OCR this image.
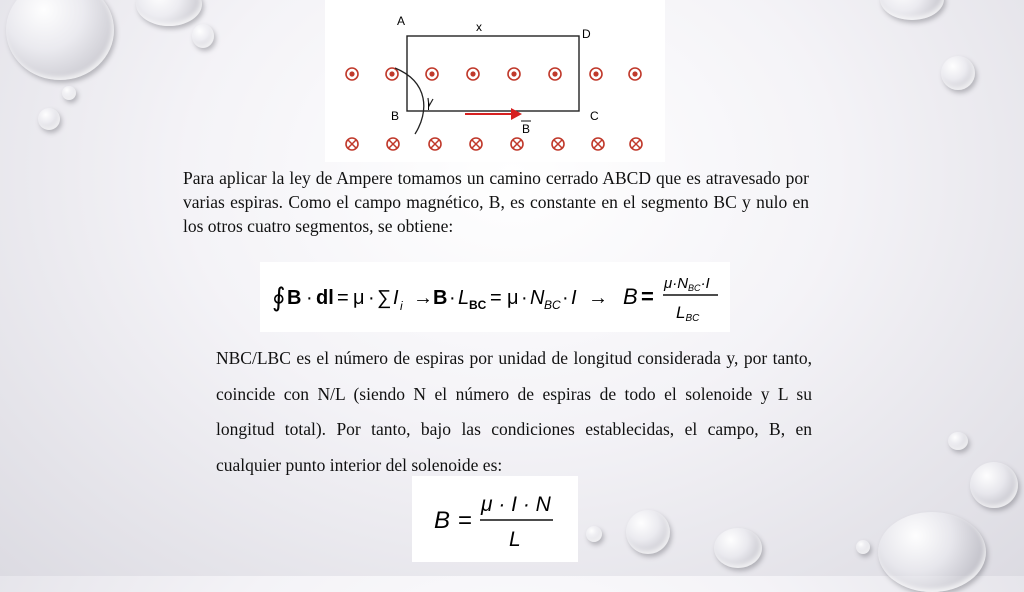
A	x	D
B
I
B
C

Para aplicar la ley de Ampere tomamos un camino cerrado ABCD que es atravesado por varias espiras. Como el campo magnético, B, es constante en el segmento BC y nulo en los otros cuatro segmentos, se obtiene:

∮ B · dl = μ · ∑ I i → B · L BC = μ · N BC · I → B =
$\mu\cdot N_{BC}\cdot I$
LBC

NBC/LBC es el número de espiras por unidad de longitud considerada y, por tanto, coincide con N/L (siendo N el número de espiras de todo el solenoide y L su longitud total). Por tanto, bajo las condiciones establecidas, el campo, B, en cualquier punto interior del solenoide es:

B =
μ · I · N
L
